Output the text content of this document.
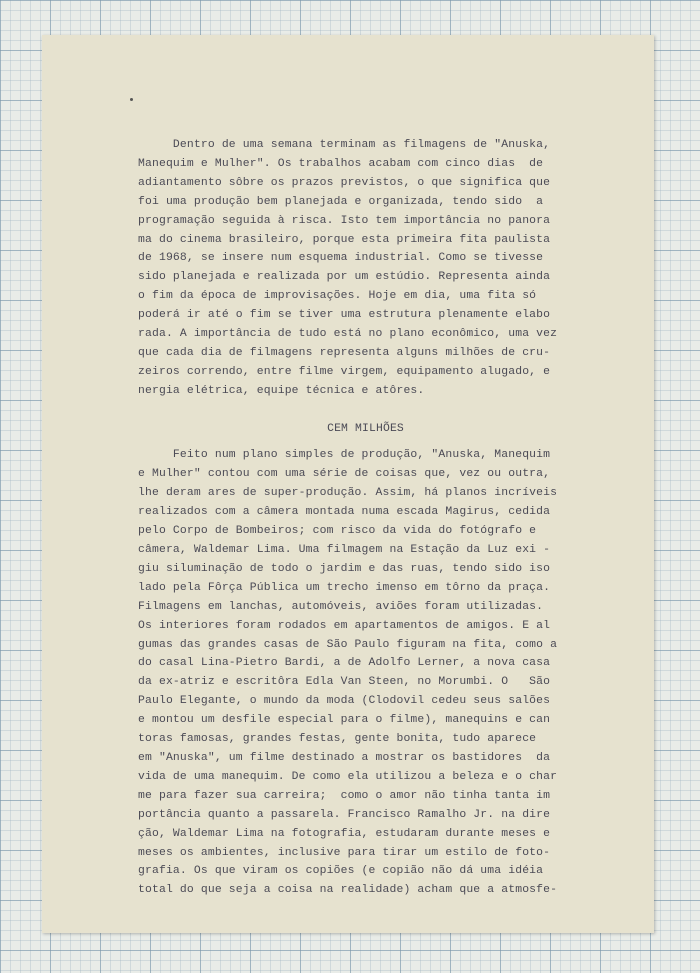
Dentro de uma semana terminam as filmagens de "Anuska,

Manequim e Mulher". Os trabalhos acabam com cinco dias  de

adiantamento sôbre os prazos previstos, o que significa que

foi uma produção bem planejada e organizada, tendo sido  a

programação seguida à risca. Isto tem importância no panora

ma do cinema brasileiro, porque esta primeira fita paulista

de 1968, se insere num esquema industrial. Como se tivesse

sido planejada e realizada por um estúdio. Representa ainda

o fim da época de improvisações. Hoje em dia, uma fita só

poderá ir até o fim se tiver uma estrutura plenamente elabo

rada. A importância de tudo está no plano econômico, uma vez

que cada dia de filmagens representa alguns milhões de cru-

zeiros correndo, entre filme virgem, equipamento alugado, e

nergia elétrica, equipe técnica e atôres.

CEM MILHÕES

Feito num plano simples de produção, "Anuska, Manequim

e Mulher" contou com uma série de coisas que, vez ou outra,

lhe deram ares de super-produção. Assim, há planos incríveis

realizados com a câmera montada numa escada Magirus, cedida

pelo Corpo de Bombeiros; com risco da vida do fotógrafo e

câmera, Waldemar Lima. Uma filmagem na Estação da Luz exi -

giu siluminação de todo o jardim e das ruas, tendo sido iso

lado pela Fôrça Pública um trecho imenso em tôrno da praça.

Filmagens em lanchas, automóveis, aviões foram utilizadas.

Os interiores foram rodados em apartamentos de amigos. E al

gumas das grandes casas de São Paulo figuram na fita, como a

do casal Lina-Pietro Bardi, a de Adolfo Lerner, a nova casa

da ex-atriz e escritôra Edla Van Steen, no Morumbi. O   São

Paulo Elegante, o mundo da moda (Clodovil cedeu seus salões

e montou um desfile especial para o filme), manequins e can

toras famosas, grandes festas, gente bonita, tudo aparece

em "Anuska", um filme destinado a mostrar os bastidores  da

vida de uma manequim. De como ela utilizou a beleza e o char

me para fazer sua carreira;  como o amor não tinha tanta im

portância quanto a passarela. Francisco Ramalho Jr. na dire

ção, Waldemar Lima na fotografia, estudaram durante meses e

meses os ambientes, inclusive para tirar um estilo de foto-

grafia. Os que viram os copiões (e copião não dá uma idéia

total do que seja a coisa na realidade) acham que a atmosfe-
